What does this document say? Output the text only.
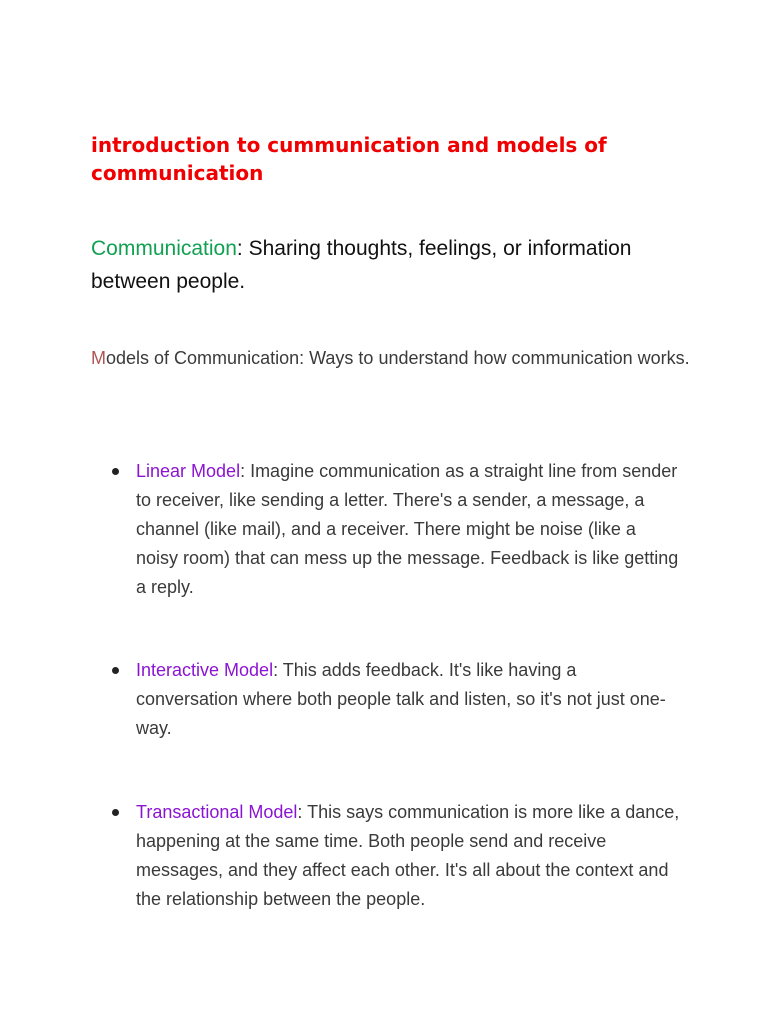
introduction to cummunication and models of communication

Communication: Sharing thoughts, feelings, or information between people.

Models of Communication: Ways to understand how communication works.

Linear Model: Imagine communication as a straight line from sender to receiver, like sending a letter. There's a sender, a message, a channel (like mail), and a receiver. There might be noise (like a noisy room) that can mess up the message. Feedback is like getting a reply.
Interactive Model: This adds feedback. It's like having a conversation where both people talk and listen, so it's not just one-way.
Transactional Model: This says communication is more like a dance, happening at the same time. Both people send and receive messages, and they affect each other. It's all about the context and the relationship between the people.
